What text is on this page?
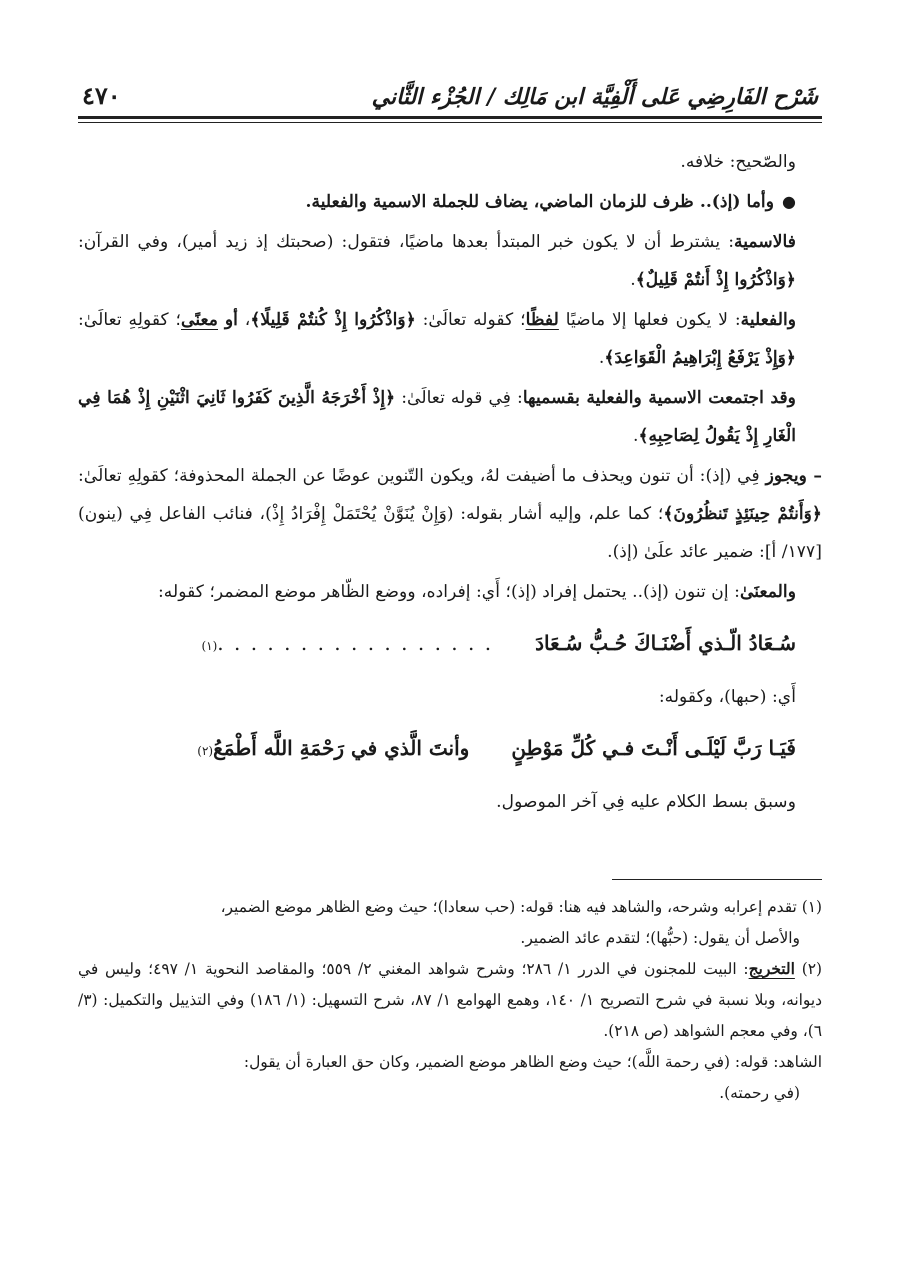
شَرْح الفَارِضِي عَلى أَلْفِيَّة ابن مَالِك / الجُزْء الثَّاني
٤٧٠

والصّحيح: خلافه.

●
وأما (إذ).. ظرف للزمان الماضي، يضاف للجملة الاسمية والفعلية.

فالاسمية: يشترط أن لا يكون خبر المبتدأ بعدها ماضيًا، فتقول: (صحبتك إذ زيد أمير)، وفي القرآن: ﴿وَاذْكُرُوا إِذْ أَنتُمْ قَلِيلٌ﴾.

والفعلية: لا يكون فعلها إلا ماضيًا لفظًا؛ كقوله تعالَىٰ: ﴿وَاذْكُرُوا إِذْ كُنتُمْ قَلِيلًا﴾، أو معنًى؛ كقولِهِ تعالَىٰ: ﴿وَإِذْ يَرْفَعُ إِبْرَاهِيمُ الْقَوَاعِدَ﴾.

وقد اجتمعت الاسمية والفعلية بقسميها: فِي قوله تعالَىٰ: ﴿إِذْ أَخْرَجَهُ الَّذِينَ كَفَرُوا ثَانِيَ اثْنَيْنِ إِذْ هُمَا فِي الْغَارِ إِذْ يَقُولُ لِصَاحِبِهِ﴾.

– ويجوز فِي (إذ): أن تنون ويحذف ما أضيفت لهُ، ويكون التّنوين عوضًا عن الجملة المحذوفة؛ كقولِهِ تعالَىٰ: ﴿وَأَنتُمْ حِينَئِذٍ تَنظُرُونَ﴾؛ كما علم، وإليه أشار بقوله: (وَإِنْ يُنَوَّنْ يُحْتَمَلْ إِفْرَادُ إِذْ)، فنائب الفاعل فِي (ينون)[١٧٧/ أ]: ضمير عائد علَىٰ (إذ).

والمعنَىٰ: إن تنون (إذ).. يحتمل إفراد (إذ)؛ أَي: إفراده، ووضع الظّاهر موضع المضمر؛ كقوله:

سُـعَادُ الّـذي أَضْنَـاكَ حُـبُّ سُـعَادَ
. . . . . . . . . . . . . . . . .
(١)

أَي: (حبها)، وكقوله:

فَيَـا رَبَّ لَيْلَـى أَنْـتَ فـي كُلِّ مَوْطِنٍ
وأنتَ الَّذي في رَحْمَةِ اللَّه أَطْمَعُ
(٢)

وسبق بسط الكلام عليه فِي آخر الموصول.

(١) تقدم إعرابه وشرحه، والشاهد فيه هنا: قوله: (حب سعادا)؛ حيث وضع الظاهر موضع الضمير،

والأصل أن يقول: (حبُّها)؛ لتقدم عائد الضمير.

(٢) التخريج: البيت للمجنون في الدرر ١/ ٢٨٦؛ وشرح شواهد المغني ٢/ ٥٥٩؛ والمقاصد النحوية ١/ ٤٩٧؛ وليس في ديوانه، وبلا نسبة في شرح التصريح ١/ ١٤٠، وهمع الهوامع ١/ ٨٧، شرح التسهيل: (١/ ١٨٦) وفي التذييل والتكميل: (٣/ ٦)، وفي معجم الشواهد (ص ٢١٨).

الشاهد: قوله: (في رحمة اللَّه)؛ حيث وضع الظاهر موضع الضمير، وكان حق العبارة أن يقول:

(في رحمته).
